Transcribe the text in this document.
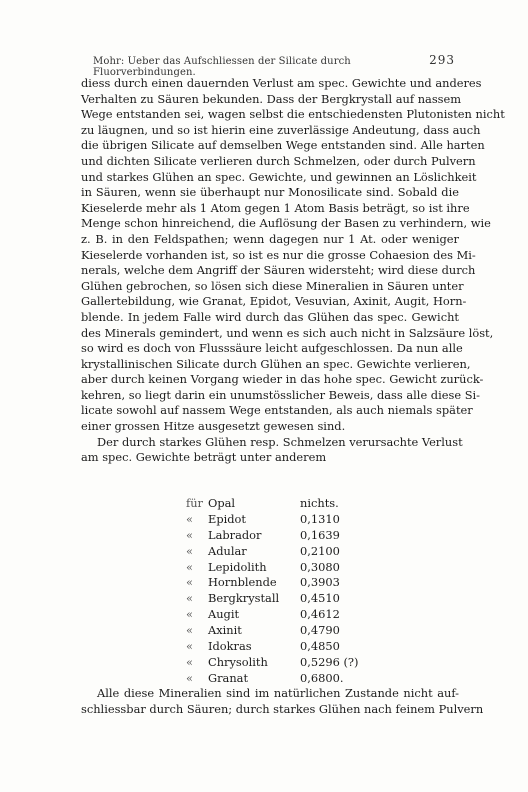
Mohr: Ueber das Aufschliessen der Silicate durch Fluorverbindungen.
293
diess durch einen dauernden Verlust am spec. Gewichte und anderes
Verhalten zu Säuren bekunden. Dass der Bergkrystall auf nassem
Wege entstanden sei, wagen selbst die entschiedensten Plutonisten nicht
zu läugnen, und so ist hierin eine zuverlässige Andeutung, dass auch
die übrigen Silicate auf demselben Wege entstanden sind. Alle harten
und dichten Silicate verlieren durch Schmelzen, oder durch Pulvern
und starkes Glühen an spec. Gewichte, und gewinnen an Löslichkeit
in Säuren, wenn sie überhaupt nur Monosilicate sind. Sobald die
Kieselerde mehr als 1 Atom gegen 1 Atom Basis beträgt, so ist ihre
Menge schon hinreichend, die Auflösung der Basen zu verhindern, wie
z. B. in den Feldspathen; wenn dagegen nur 1 At. oder weniger
Kieselerde vorhanden ist, so ist es nur die grosse Cohaesion des Mi-
nerals, welche dem Angriff der Säuren widersteht; wird diese durch
Glühen gebrochen, so lösen sich diese Mineralien in Säuren unter
Gallertebildung, wie Granat, Epidot, Vesuvian, Axinit, Augit, Horn-
blende. In jedem Falle wird durch das Glühen das spec. Gewicht
des Minerals gemindert, und wenn es sich auch nicht in Salzsäure löst,
so wird es doch von Flusssäure leicht aufgeschlossen. Da nun alle
krystallinischen Silicate durch Glühen an spec. Gewichte verlieren,
aber durch keinen Vorgang wieder in das hohe spec. Gewicht zurück-
kehren, so liegt darin ein unumstösslicher Beweis, dass alle diese Si-
licate sowohl auf nassem Wege entstanden, als auch niemals später
einer grossen Hitze ausgesetzt gewesen sind.
Der durch starkes Glühen resp. Schmelzen verursachte Verlust
am spec. Gewichte beträgt unter anderem
für Opal	nichts.
«	Epidot	0,1310
«	Labrador	0,1639
«	Adular	0,2100
«	Lepidolith	0,3080
«	Hornblende 0,3903
«	Bergkrystall 0,4510
«	Augit	0,4612
«	Axinit	0,4790
«	Idokras	0,4850
«	Chrysolith	0,5296 (?)
«	Granat	0,6800.
Alle diese Mineralien sind im natürlichen Zustande nicht auf-
schliessbar durch Säuren; durch starkes Glühen nach feinem Pulvern
